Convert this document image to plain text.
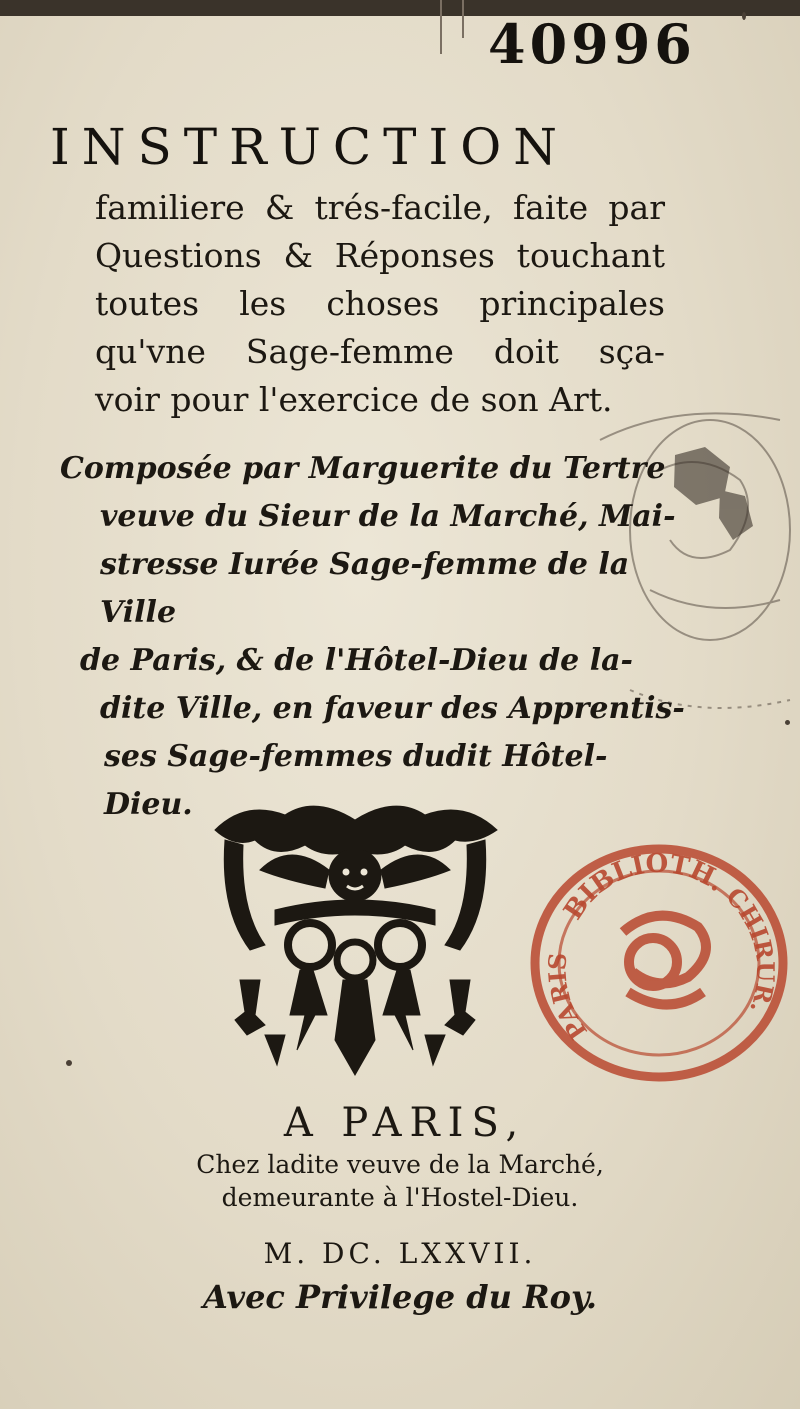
40996
INSTRUCTION
familiere & trés-facile, faite par
Questions & Réponses touchant
toutes les choses principales
qu'vne Sage-femme doit sça-
voir pour l'exercice de son Art.
Composée par Marguerite du Tertre
veuve du Sieur de la Marché, Mai-
stresse Iurée Sage-femme de la Ville
de Paris, & de l'Hôtel-Dieu de la-
dite Ville, en faveur des Apprentis-
ses Sage-femmes dudit Hôtel-
Dieu.
BIBLIOTH.
CHIRUR.
PARIS
A PARIS,
Chez ladite veuve de la Marché,
demeurante à l'Hostel-Dieu.
M. DC. LXXVII.
Avec Privilege du Roy.
